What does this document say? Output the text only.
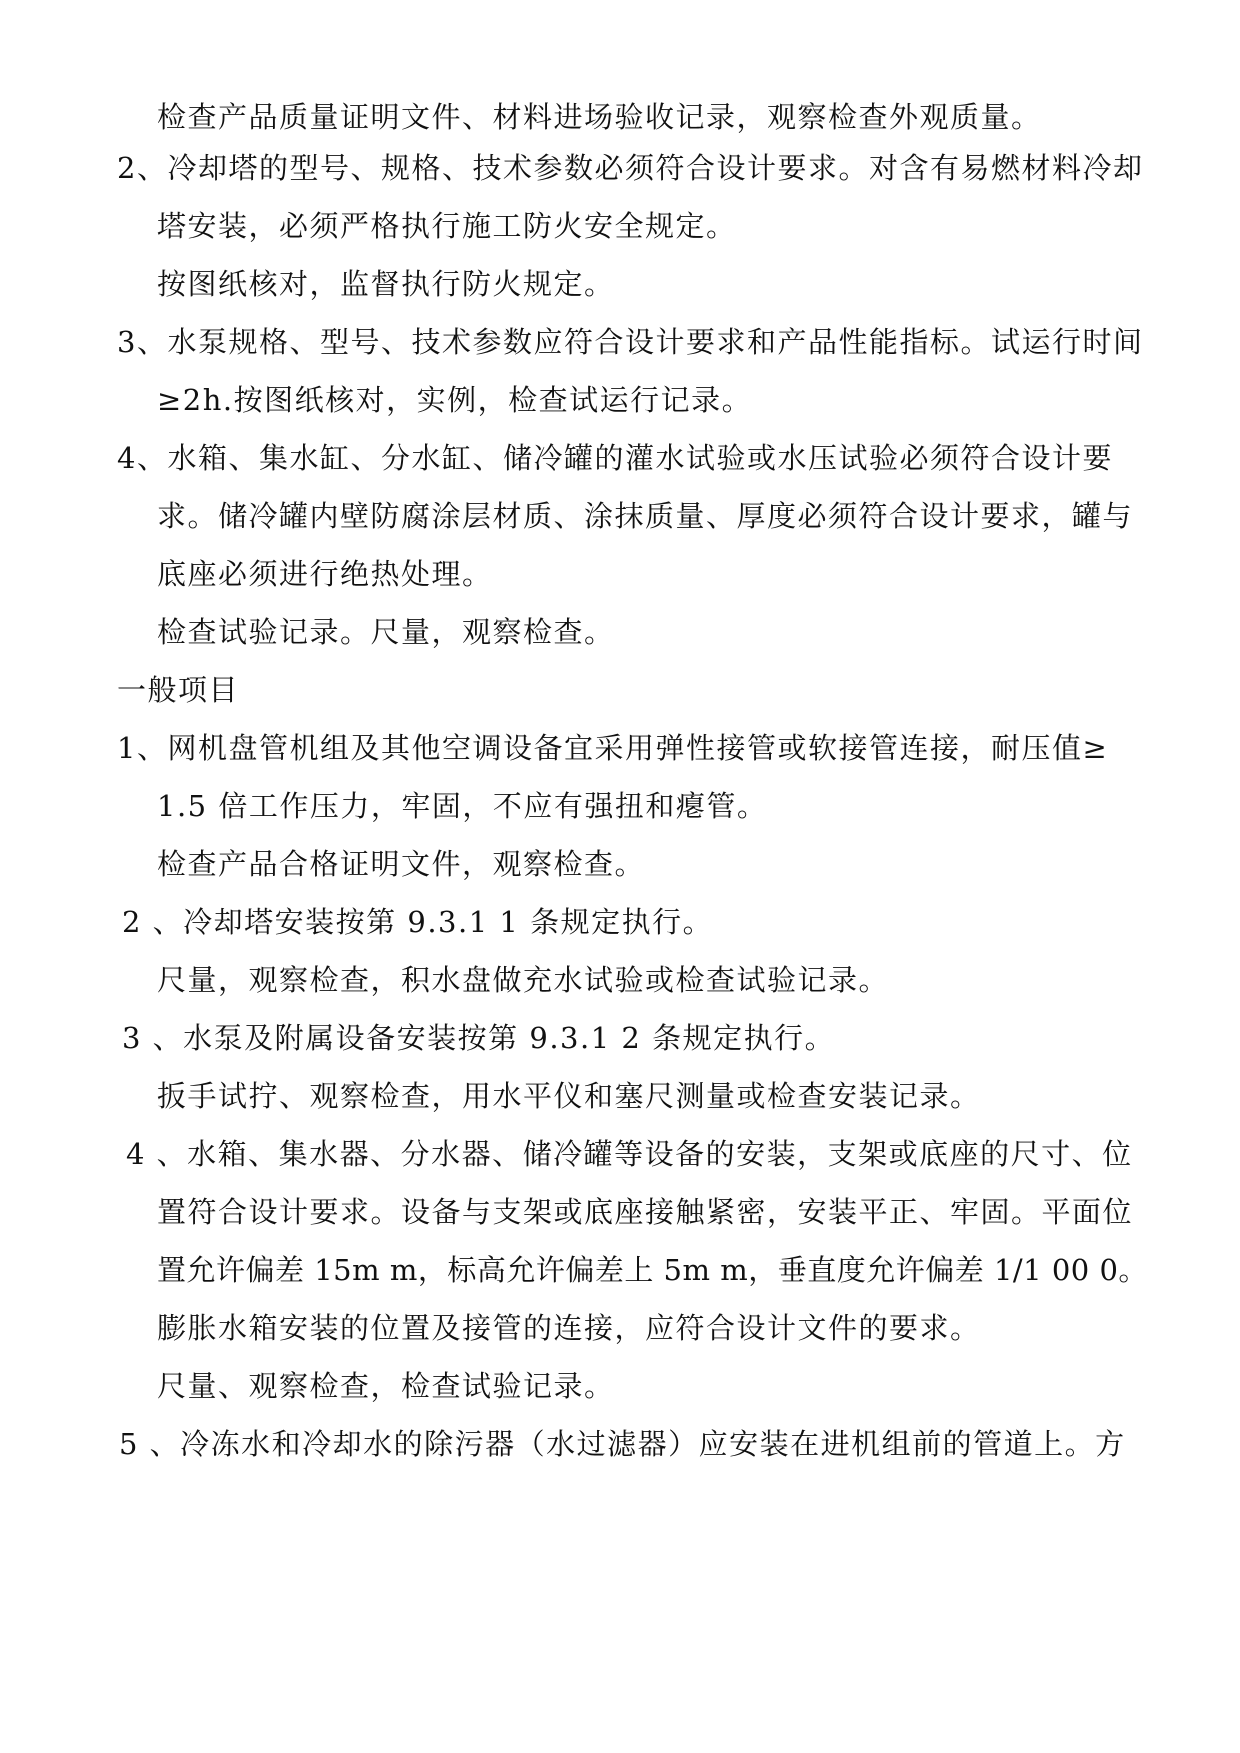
检查产品质量证明文件、材料进场验收记录，观察检查外观质量。
2、冷却塔的型号、规格、技术参数必须符合设计要求。对含有易燃材料冷却
塔安装，必须严格执行施工防火安全规定。
按图纸核对，监督执行防火规定。
3、水泵规格、型号、技术参数应符合设计要求和产品性能指标。试运行时间
≥2h.按图纸核对，实例，检查试运行记录。
4、水箱、集水缸、分水缸、储冷罐的灌水试验或水压试验必须符合设计要
求。储冷罐内壁防腐涂层材质、涂抹质量、厚度必须符合设计要求，罐与
底座必须进行绝热处理。
检查试验记录。尺量，观察检查。
一般项目
1、网机盘管机组及其他空调设备宜采用弹性接管或软接管连接，耐压值≥
1.5 倍工作压力，牢固，不应有强扭和瘪管。
检查产品合格证明文件，观察检查。
2 、冷却塔安装按第 9.3.1 1 条规定执行。
尺量，观察检查，积水盘做充水试验或检查试验记录。
3 、水泵及附属设备安装按第 9.3.1 2 条规定执行。
扳手试拧、观察检查，用水平仪和塞尺测量或检查安装记录。
4 、水箱、集水器、分水器、储冷罐等设备的安装，支架或底座的尺寸、位
置符合设计要求。设备与支架或底座接触紧密，安装平正、牢固。平面位
置允许偏差 15m m，标高允许偏差上 5m m，垂直度允许偏差 1/1 00 0。
膨胀水箱安装的位置及接管的连接，应符合设计文件的要求。
尺量、观察检查，检查试验记录。
5 、冷冻水和冷却水的除污器（水过滤器）应安装在进机组前的管道上。方
